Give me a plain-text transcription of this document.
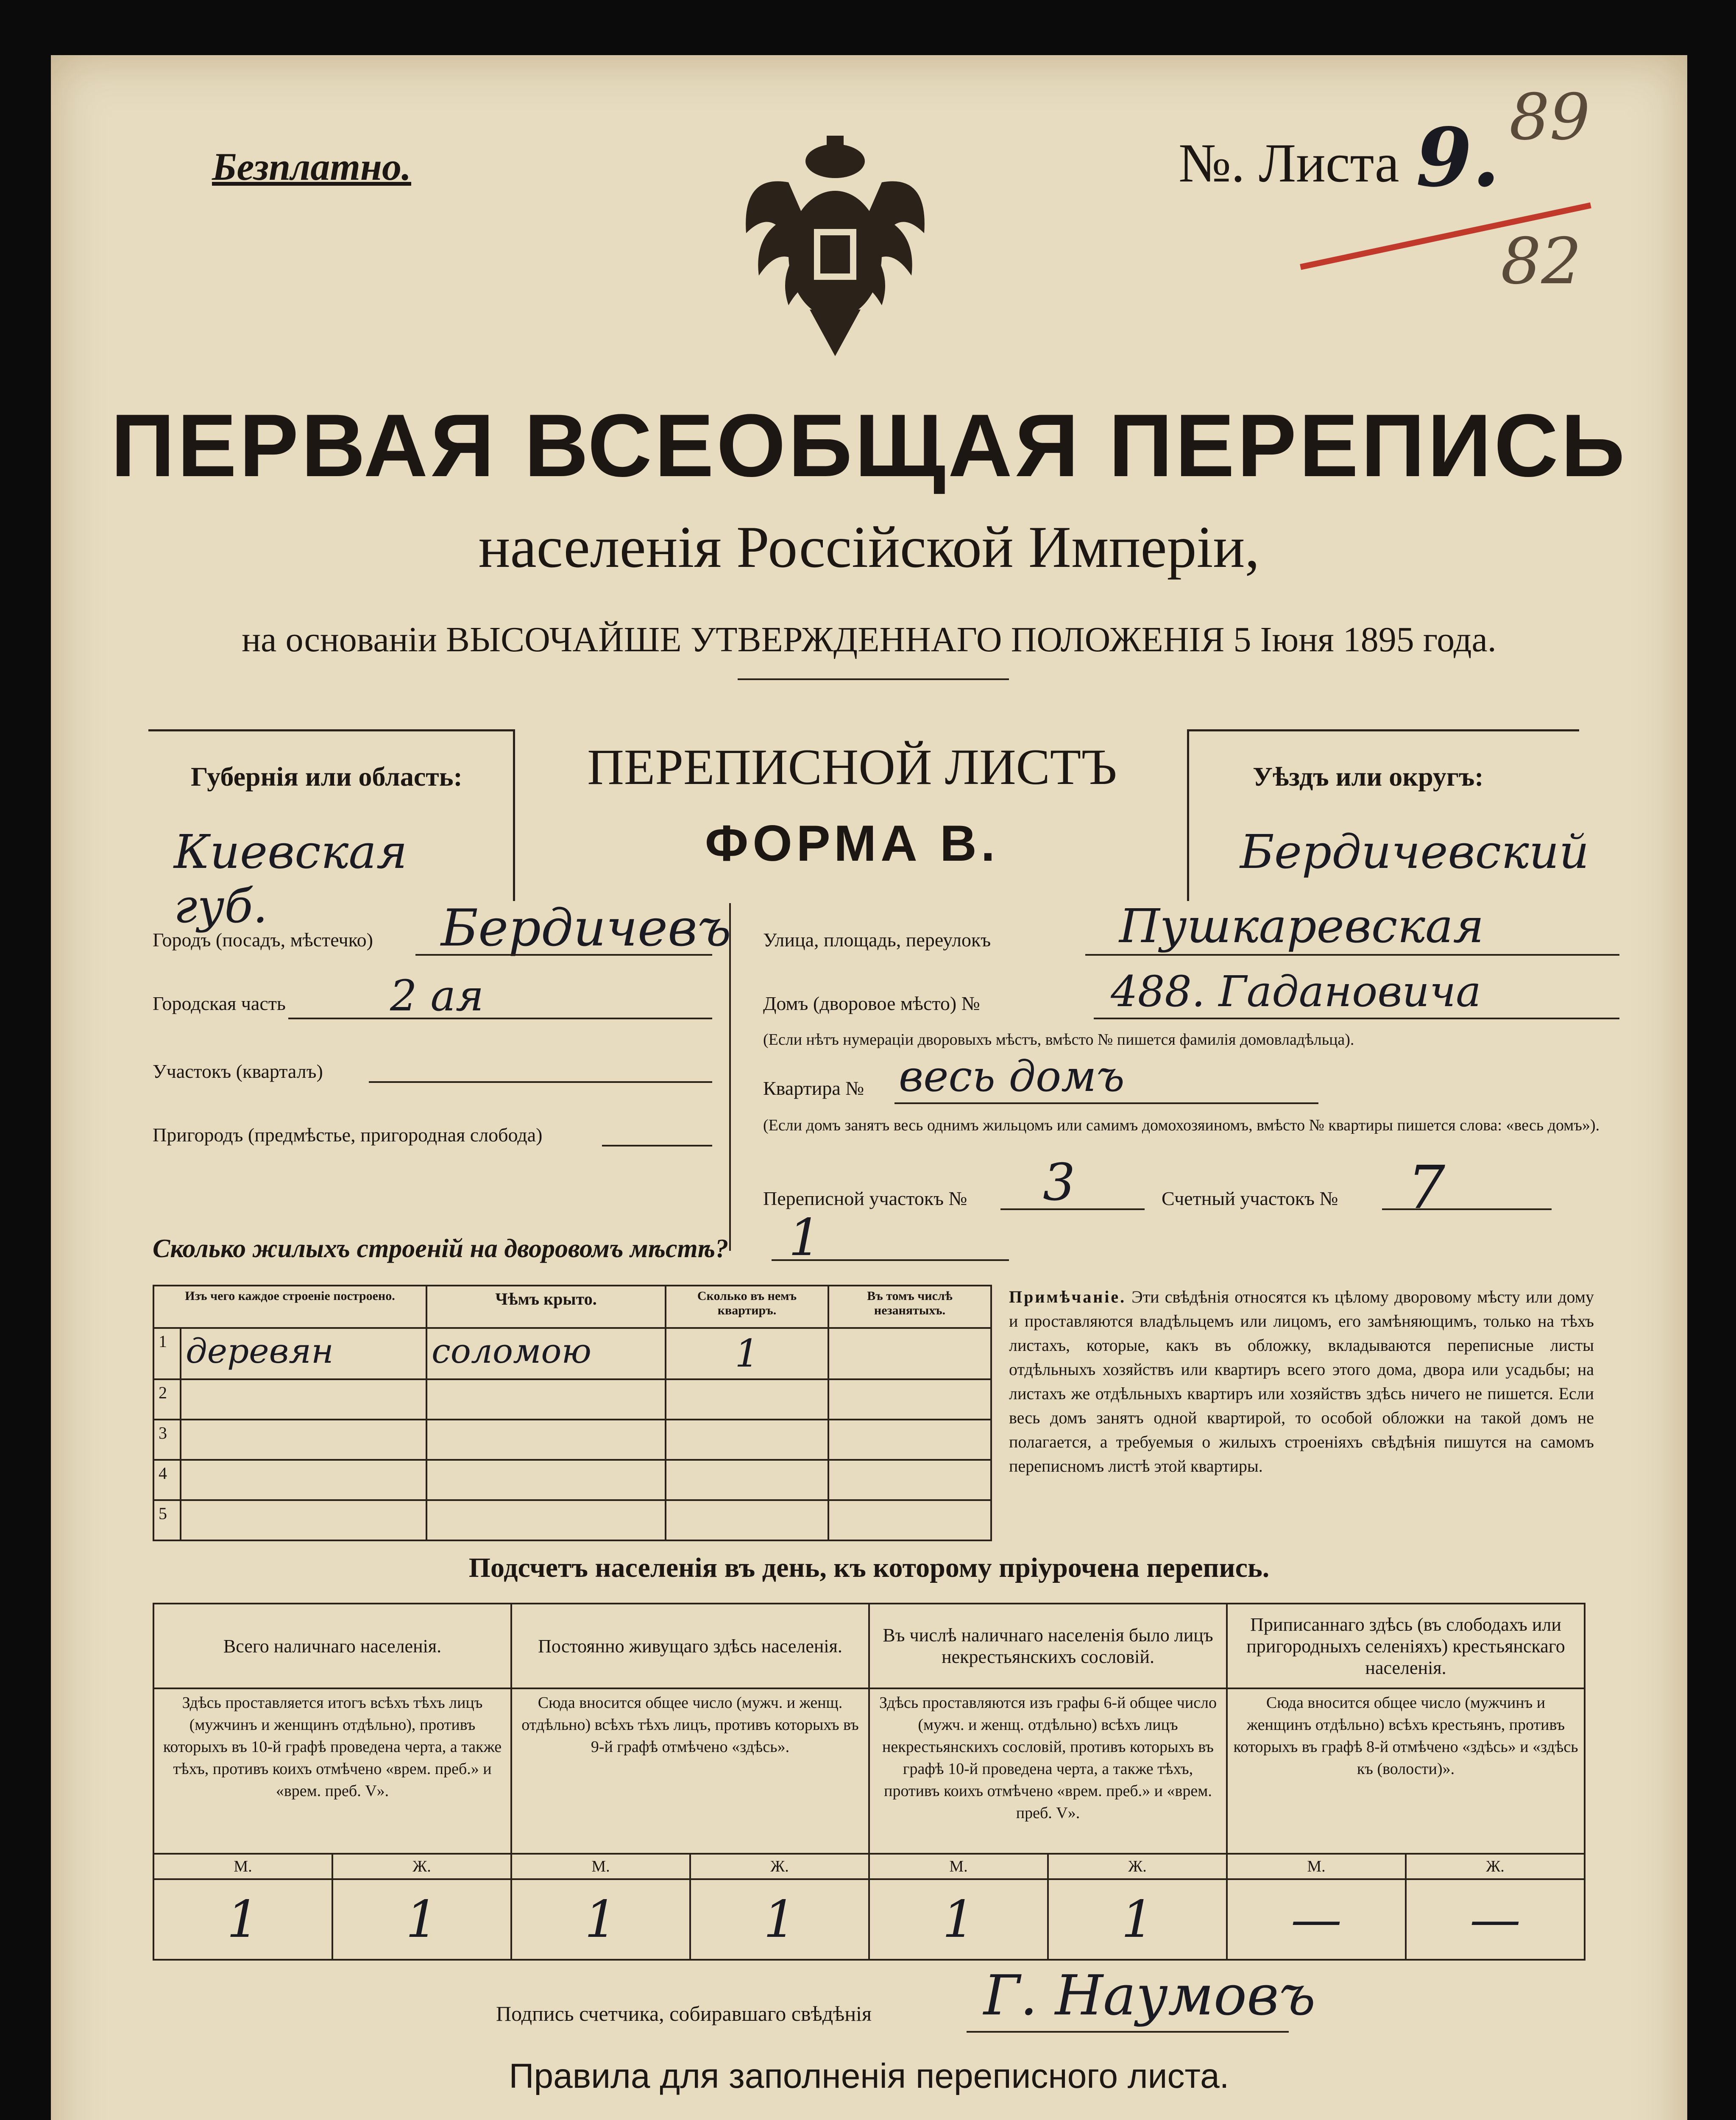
Безплатно.	№. Листа 9. 89
82
ПЕРВАЯ ВСЕОБЩАЯ ПЕРЕПИСЬ
населенія Россійской Имперіи,
на основаніи ВЫСОЧАЙШЕ УТВЕРЖДЕННАГО ПОЛОЖЕНІЯ 5 Іюня 1895 года.
Губернія или область:
Киевская губ.
ПЕРЕПИСНОЙ ЛИСТЪ
ФОРМА В.
Уѣздъ или округъ:
Бердичевский
Городъ (посадъ, мѣстечко) Бердичевъ
Городская часть 2 ая
Участокъ (кварталъ)
Пригородъ (предмѣстье, пригородная слобода)
Улица, площадь, переулокъ	Пушкаревская
Домъ (дворовое мѣсто) №	488. Гадановича
(Если нѣтъ нумераціи дворовыхъ мѣстъ, вмѣсто № пишется фамилія домовладѣльца).
Квартира № весь домъ
(Если домъ занятъ весь однимъ жильцомъ или самимъ домохозяиномъ, вмѣсто № квартиры пишется слова: «весь домъ»).
Переписной участокъ № 3	Счетный участокъ № 7
Сколько жилыхъ строеній на дворовомъ мѣстѣ? 1
Изъ чего каждое строеніе построено.		Чѣмъ крыто.	Сколько въ немъ квартиръ.	Въ томъ числѣ незанятыхъ.
1	деревян	соломою	1	
2				
3				
4				
5				
Примѣчаніе. Эти свѣдѣнія относятся къ цѣлому дворовому мѣсту или дому и проставляются владѣльцемъ или лицомъ, его замѣняющимъ, только на тѣхъ листахъ, которые, какъ въ обложку, вкладываются переписные листы отдѣльныхъ хозяйствъ или квартиръ всего этого дома, двора или усадьбы; на листахъ же отдѣльныхъ квартиръ или хозяйствъ здѣсь ничего не пишется. Если весь домъ занятъ одной квартирой, то особой обложки на такой домъ не полагается, а требуемыя о жилыхъ строеніяхъ свѣдѣнія пишутся на самомъ переписномъ листѣ этой квартиры.
Подсчетъ населенія въ день, къ которому пріурочена перепись.
Всего наличнаго населенія.		Постоянно живущаго здѣсь населенія.		Въ числѣ наличнаго населенія было лицъ некрестьянскихъ сословій.		Приписаннаго здѣсь (въ слободахъ или пригородныхъ селеніяхъ) крестьянскаго населенія.	
Здѣсь проставляется итогъ всѣхъ тѣхъ лицъ (мужчинъ и женщинъ отдѣльно), противъ которыхъ въ 10-й графѣ проведена черта, а также тѣхъ, противъ коихъ отмѣчено «врем. преб.» и «врем. преб. V».		Сюда вносится общее число (мужч. и женщ. отдѣльно) всѣхъ тѣхъ лицъ, противъ которыхъ въ 9-й графѣ отмѣчено «здѣсь».		Здѣсь проставляются изъ графы 6-й общее число (мужч. и женщ. отдѣльно) всѣхъ лицъ некрестьянскихъ сословій, противъ которыхъ въ графѣ 10-й проведена черта, а также тѣхъ, противъ коихъ отмѣчено «врем. преб.» и «врем. преб. V».		Сюда вносится общее число (мужчинъ и женщинъ отдѣльно) всѣхъ крестьянъ, противъ которыхъ въ графѣ 8-й отмѣчено «здѣсь» и «здѣсь къ (волости)».	
М.	Ж.	М.	Ж.	М.	Ж.	М.	Ж.
1	1	1	1	1	1	—	—
Подпись счетчика, собиравшаго свѣдѣнія Г. Наумовъ
Правила для заполненія переписного листа.
